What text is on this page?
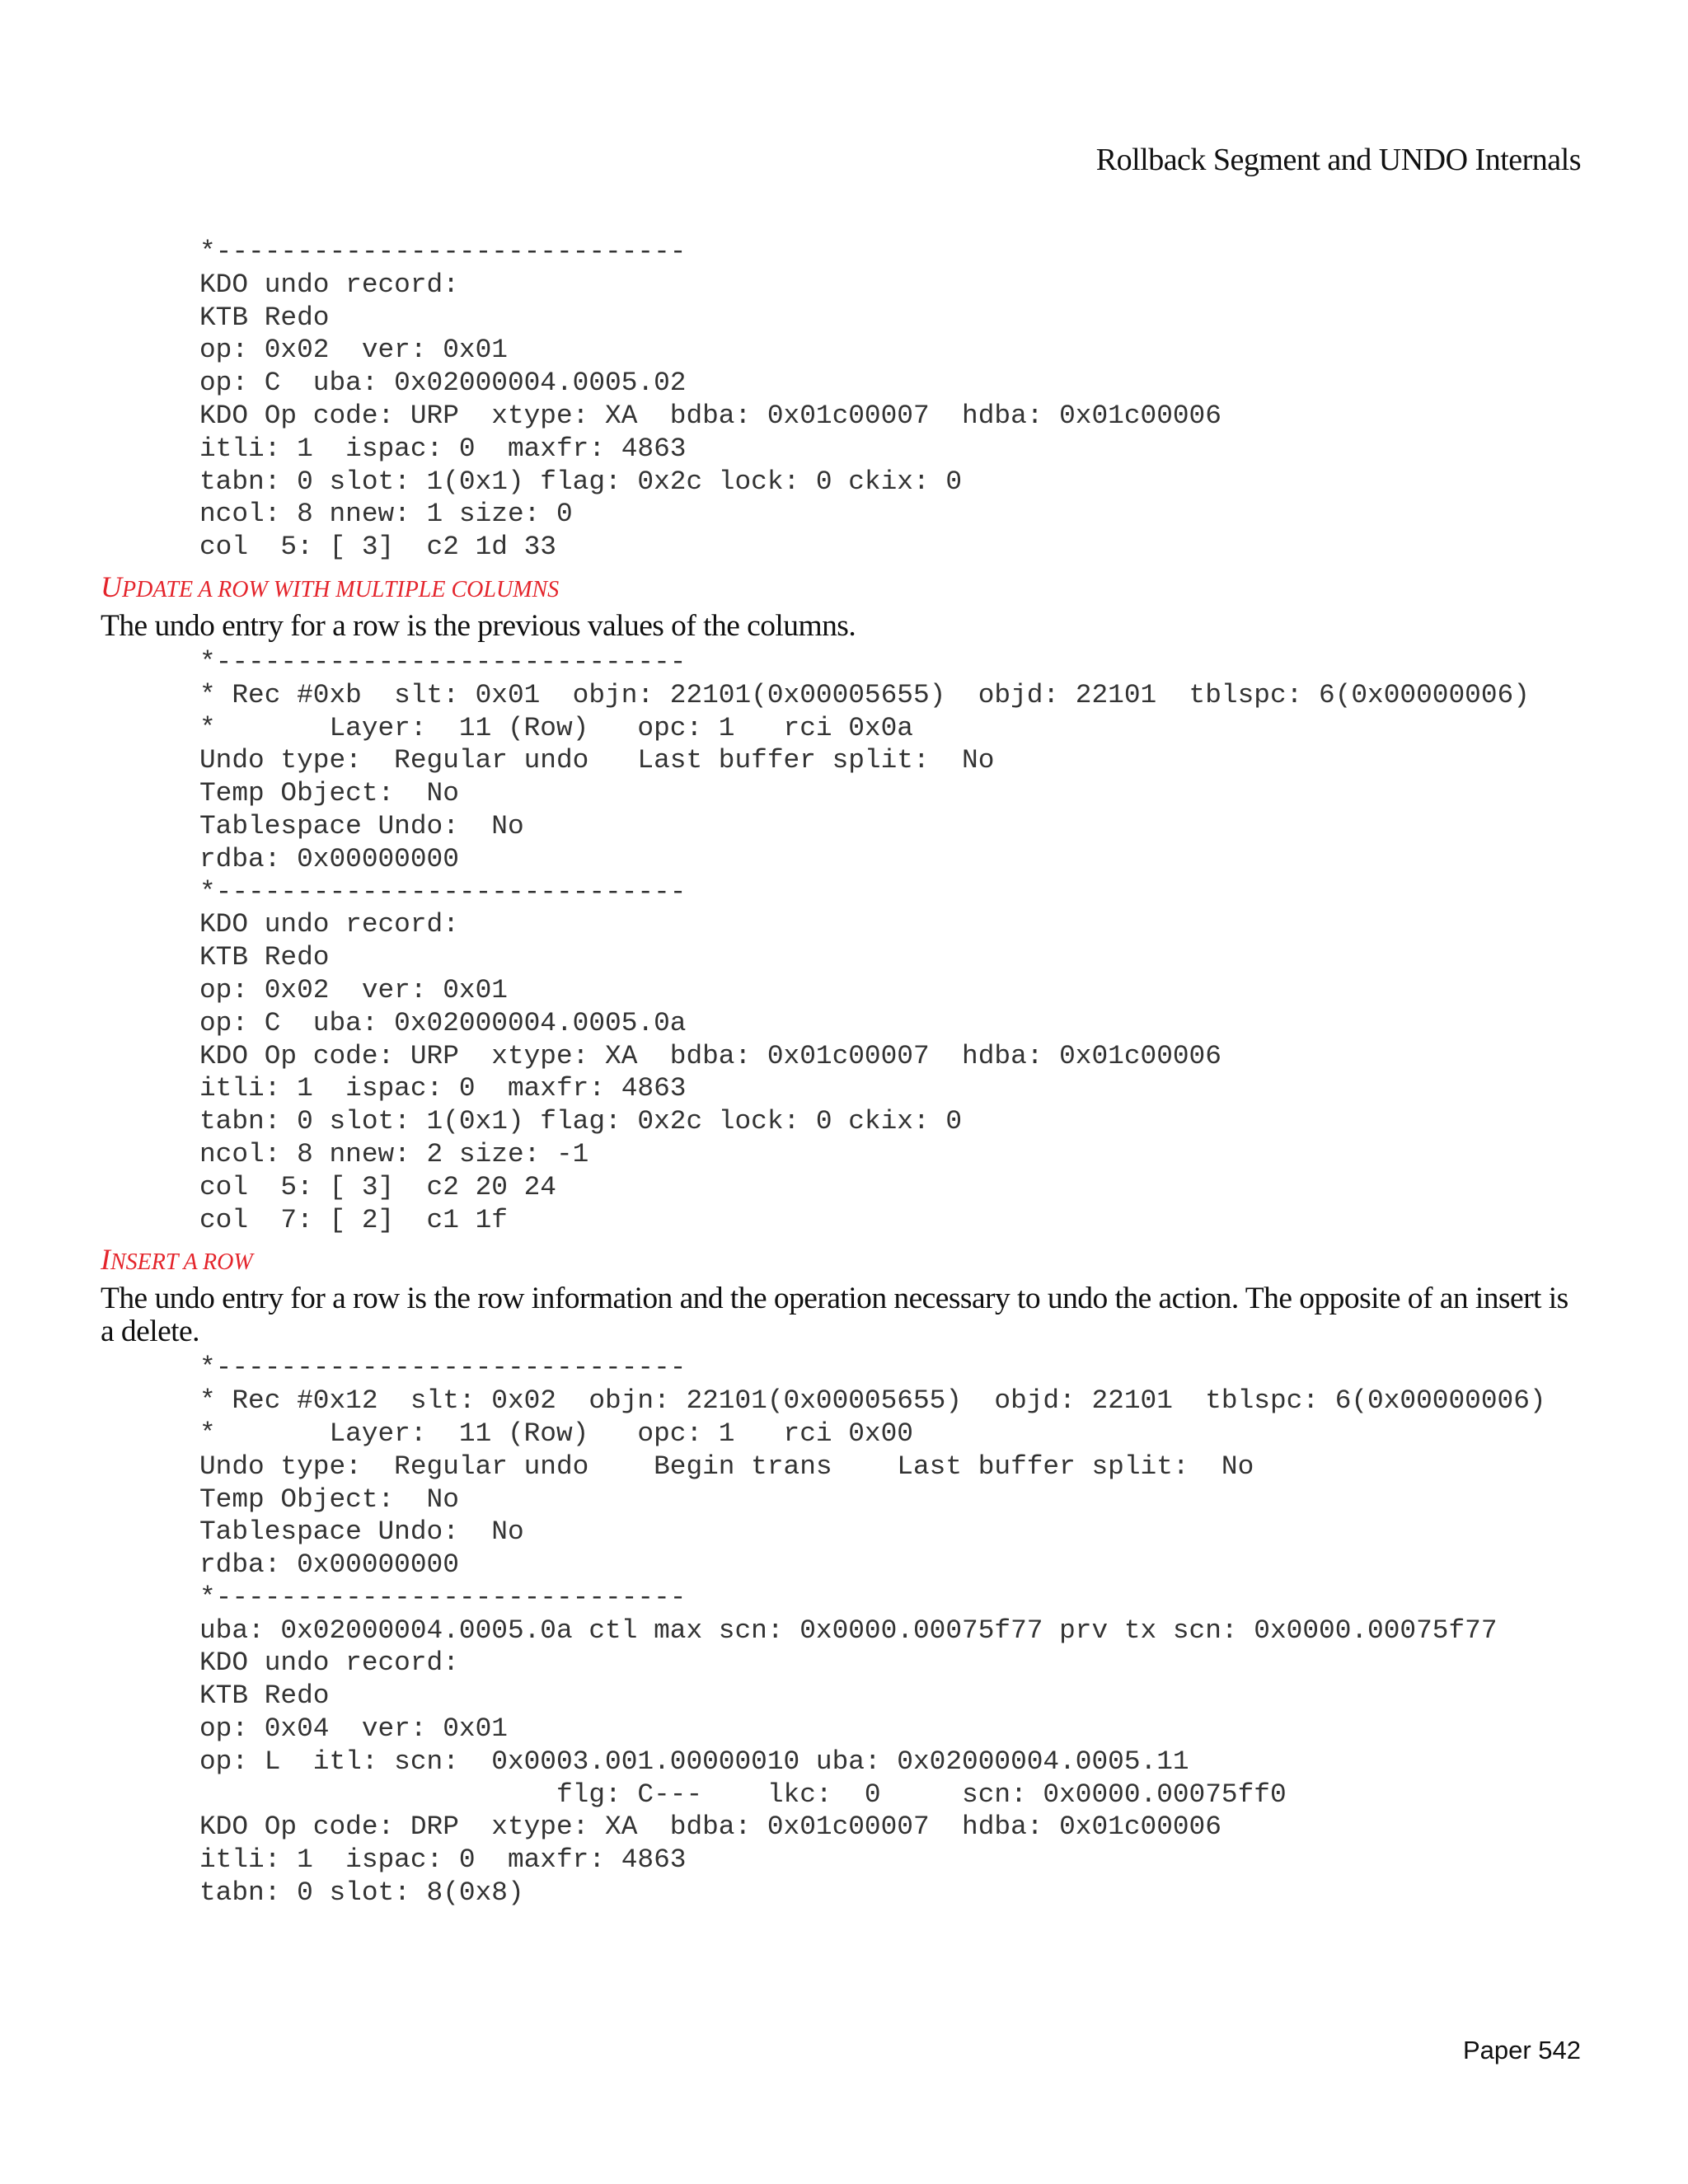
Rollback Segment and UNDO Internals
*-----------------------------
KDO undo record:
KTB Redo
op: 0x02  ver: 0x01
op: C  uba: 0x02000004.0005.02
KDO Op code: URP  xtype: XA  bdba: 0x01c00007  hdba: 0x01c00006
itli: 1  ispac: 0  maxfr: 4863
tabn: 0 slot: 1(0x1) flag: 0x2c lock: 0 ckix: 0
ncol: 8 nnew: 1 size: 0
col  5: [ 3]  c2 1d 33
UPDATE A ROW WITH MULTIPLE COLUMNS
The undo entry for a row is the previous values of the columns.
*-----------------------------
* Rec #0xb  slt: 0x01  objn: 22101(0x00005655)  objd: 22101  tblspc: 6(0x00000006)
*       Layer:  11 (Row)   opc: 1   rci 0x0a
Undo type:  Regular undo   Last buffer split:  No
Temp Object:  No
Tablespace Undo:  No
rdba: 0x00000000
*-----------------------------
KDO undo record:
KTB Redo
op: 0x02  ver: 0x01
op: C  uba: 0x02000004.0005.0a
KDO Op code: URP  xtype: XA  bdba: 0x01c00007  hdba: 0x01c00006
itli: 1  ispac: 0  maxfr: 4863
tabn: 0 slot: 1(0x1) flag: 0x2c lock: 0 ckix: 0
ncol: 8 nnew: 2 size: -1
col  5: [ 3]  c2 20 24
col  7: [ 2]  c1 1f
INSERT A ROW
The undo entry for a row is the row information and the operation necessary to undo the action. The opposite of an insert is a delete.
*-----------------------------
* Rec #0x12  slt: 0x02  objn: 22101(0x00005655)  objd: 22101  tblspc: 6(0x00000006)
*       Layer:  11 (Row)   opc: 1   rci 0x00
Undo type:  Regular undo    Begin trans    Last buffer split:  No
Temp Object:  No
Tablespace Undo:  No
rdba: 0x00000000
*-----------------------------
uba: 0x02000004.0005.0a ctl max scn: 0x0000.00075f77 prv tx scn: 0x0000.00075f77
KDO undo record:
KTB Redo
op: 0x04  ver: 0x01
op: L  itl: scn:  0x0003.001.00000010 uba: 0x02000004.0005.11
flg: C---    lkc:  0     scn: 0x0000.00075ff0
KDO Op code: DRP  xtype: XA  bdba: 0x01c00007  hdba: 0x01c00006
itli: 1  ispac: 0  maxfr: 4863
tabn: 0 slot: 8(0x8)
Paper 542
